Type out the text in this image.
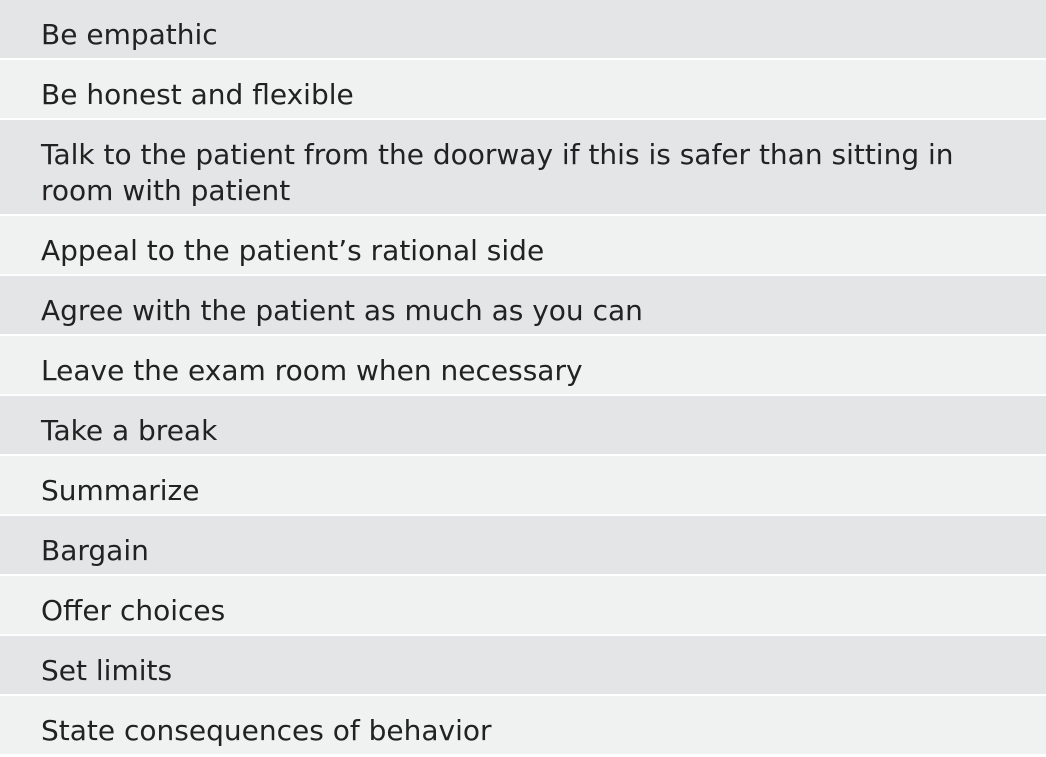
Be empathic
Be honest and flexible
Talk to the patient from the doorway if this is safer than sitting in room with patient
Appeal to the patient’s rational side
Agree with the patient as much as you can
Leave the exam room when necessary
Take a break
Summarize
Bargain
Offer choices
Set limits
State consequences of behavior
